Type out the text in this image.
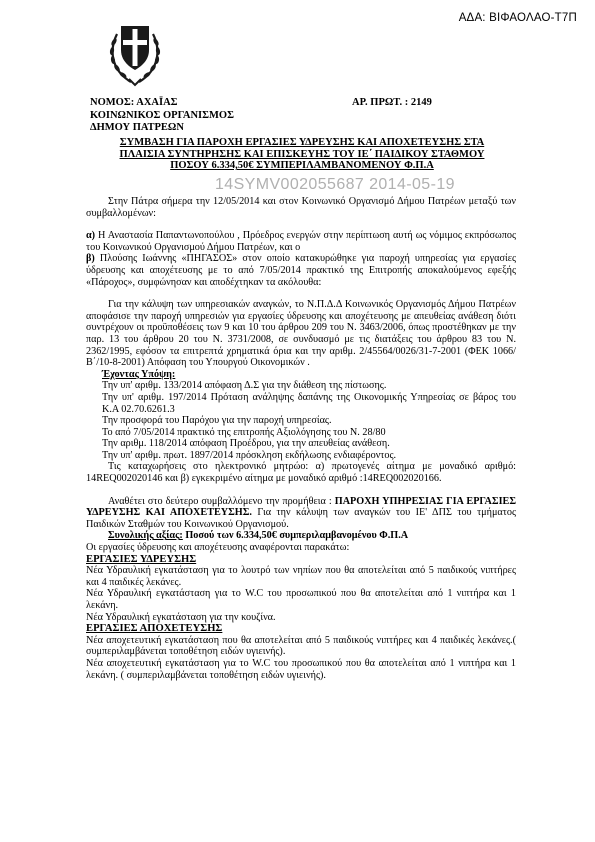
ΑΔΑ: ΒΙΦΑΟΛΑΟ-Τ7Π
ΝΟΜΟΣ: ΑΧΑΪΑΣ
ΚΟΙΝΩΝΙΚΟΣ ΟΡΓΑΝΙΣΜΟΣ
ΔΗΜΟΥ ΠΑΤΡΕΩΝ
ΑΡ. ΠΡΩΤ. : 2149
ΣΥΜΒΑΣΗ ΓΙΑ ΠΑΡΟΧΗ ΕΡΓΑΣΙΕΣ ΥΔΡΕΥΣΗΣ ΚΑΙ ΑΠΟΧΕΤΕΥΣΗΣ ΣΤΑ
ΠΛΑΙΣΙΑ ΣΥΝΤΗΡΗΣΗΣ ΚΑΙ ΕΠΙΣΚΕΥΗΣ ΤΟΥ ΙΕ΄ ΠΑΙΔΙΚΟΥ ΣΤΑΘΜΟΥ
ΠΟΣΟΥ 6.334,50€ ΣΥΜΠΕΡΙΛΑΜΒΑΝΟΜΕΝΟΥ Φ.Π.Α
14SYMV002055687 2014-05-19

Στην Πάτρα σήμερα την 12/05/2014 και στον Κοινωνικό Οργανισμό Δήμου Πατρέων μεταξύ των συμβαλλομένων:

α) Η Αναστασία Παπαντωνοπούλου , Πρόεδρος ενεργών στην περίπτωση αυτή ως νόμιμος εκπρόσωπος του Κοινωνικού Οργανισμού Δήμου Πατρέων, και ο

β) Πλούσης Ιωάννης «ΠΗΓΑΣΟΣ» στον οποίο κατακυρώθηκε για παροχή υπηρεσίας για εργασίες ύδρευσης και αποχέτευσης με το από 7/05/2014 πρακτικό της Επιτροπής αποκαλούμενος εφεξής «Πάροχος», συμφώνησαν και αποδέχτηκαν τα ακόλουθα:

Για την κάλυψη των υπηρεσιακών αναγκών, το Ν.Π.Δ.Δ Κοινωνικός Οργανισμός Δήμου Πατρέων αποφάσισε την παροχή υπηρεσιών για εργασίες ύδρευσης και αποχέτευσης με απευθείας ανάθεση διότι συντρέχουν οι προϋποθέσεις των 9 και 10 του άρθρου 209 του Ν. 3463/2006, όπως προστέθηκαν με την παρ. 13 του άρθρου 20 του Ν. 3731/2008, σε συνδυασμό με τις διατάξεις του άρθρου 83 του Ν. 2362/1995, εφόσον τα επιτρεπτά χρηματικά όρια και την αριθμ. 2/45564/0026/31-7-2001 (ΦΕΚ 1066/Β΄/10-8-2001) Απόφαση του Υπουργού Οικονομικών .

Έχοντας Υπόψη:

Την υπ' αριθμ. 133/2014 απόφαση Δ.Σ για την διάθεση της πίστωσης.

Την υπ' αριθμ. 197/2014 Πρόταση ανάληψης δαπάνης της Οικονομικής Υπηρεσίας σε βάρος του Κ.Α 02.70.6261.3

Την προσφορά του Παρόχου για την παροχή υπηρεσίας.

Το από 7/05/2014 πρακτικό της επιτροπής Αξιολόγησης του Ν. 28/80

Την αριθμ. 118/2014 απόφαση Προέδρου, για την απευθείας ανάθεση.

Την υπ' αριθμ. πρωτ. 1897/2014 πρόσκληση εκδήλωσης ενδιαφέροντος.

Τις καταχωρήσεις στο ηλεκτρονικό μητρώο: α) πρωτογενές αίτημα με μοναδικό αριθμό: 14REQ002020146 και β) εγκεκριμένο αίτημα με μοναδικό αριθμό :14REQ002020166.

Αναθέτει στο δεύτερο συμβαλλόμενο την προμήθεια : ΠΑΡΟΧΗ ΥΠΗΡΕΣΙΑΣ ΓΙΑ ΕΡΓΑΣΙΕΣ ΥΔΡΕΥΣΗΣ ΚΑΙ ΑΠΟΧΕΤΕΥΣΗΣ. Για την κάλυψη των αναγκών του ΙΕ' ΔΠΣ του τμήματος Παιδικών Σταθμών του Κοινωνικού Οργανισμού.

Συνολικής αξίας: Ποσού των 6.334,50€ συμπεριλαμβανομένου Φ.Π.Α

Οι εργασίες ύδρευσης και αποχέτευσης αναφέρονται παρακάτω:

ΕΡΓΑΣΙΕΣ ΥΔΡΕΥΣΗΣ

Νέα Υδραυλική εγκατάσταση για το λουτρό των νηπίων που θα αποτελείται από 5 παιδικούς νιπτήρες και 4 παιδικές λεκάνες.

Νέα Υδραυλική εγκατάσταση για το W.C του προσωπικού που θα αποτελείται από 1 νιπτήρα και 1 λεκάνη.

Νέα Υδραυλική εγκατάσταση για την κουζίνα.

ΕΡΓΑΣΙΕΣ ΑΠΟΧΕΤΕΥΣΗΣ

Νέα αποχετευτική εγκατάσταση που θα αποτελείται από 5 παιδικούς νιπτήρες και 4 παιδικές λεκάνες.( συμπεριλαμβάνεται τοποθέτηση ειδών υγιεινής).

Νέα αποχετευτική εγκατάσταση για το W.C του προσωπικού που θα αποτελείται από 1 νιπτήρα και 1 λεκάνη. ( συμπεριλαμβάνεται τοποθέτηση ειδών υγιεινής).
